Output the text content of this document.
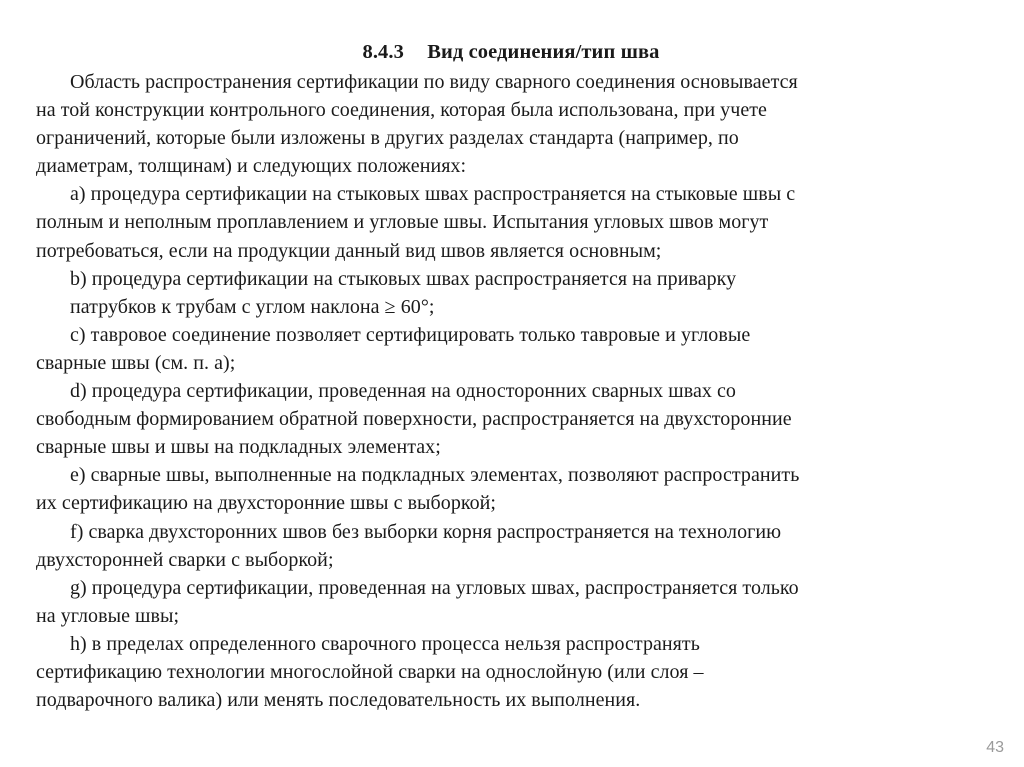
8.4.3 Вид соединения/тип шва
Область распространения сертификации по виду сварного соединения основывается
на той конструкции контрольного соединения, которая была использована, при учете
ограничений, которые были изложены в других разделах стандарта (например, по
диаметрам, толщинам) и следующих положениях:
a) процедура сертификации на стыковых швах распространяется на стыковые швы с
полным и неполным проплавлением и угловые швы. Испытания угловых швов могут
потребоваться, если на продукции данный вид швов является основным;
b) процедура сертификации на стыковых швах распространяется на приварку
патрубков к трубам с углом наклона ≥ 60°;
c) тавровое соединение позволяет сертифицировать только тавровые и угловые
сварные швы (см. п. a);
d) процедура сертификации, проведенная на односторонних сварных швах со
свободным формированием обратной поверхности, распространяется на двухсторонние
сварные швы и швы на подкладных элементах;
e) сварные швы, выполненные на подкладных элементах, позволяют распространить
их сертификацию на двухсторонние швы с выборкой;
f) сварка двухсторонних швов без выборки корня распространяется на технологию
двухсторонней сварки с выборкой;
g) процедура сертификации, проведенная на угловых швах, распространяется только
на угловые швы;
h) в пределах определенного сварочного процесса нельзя распространять
сертификацию технологии многослойной сварки на однослойную (или слоя –
подварочного валика) или менять последовательность их выполнения.
43
